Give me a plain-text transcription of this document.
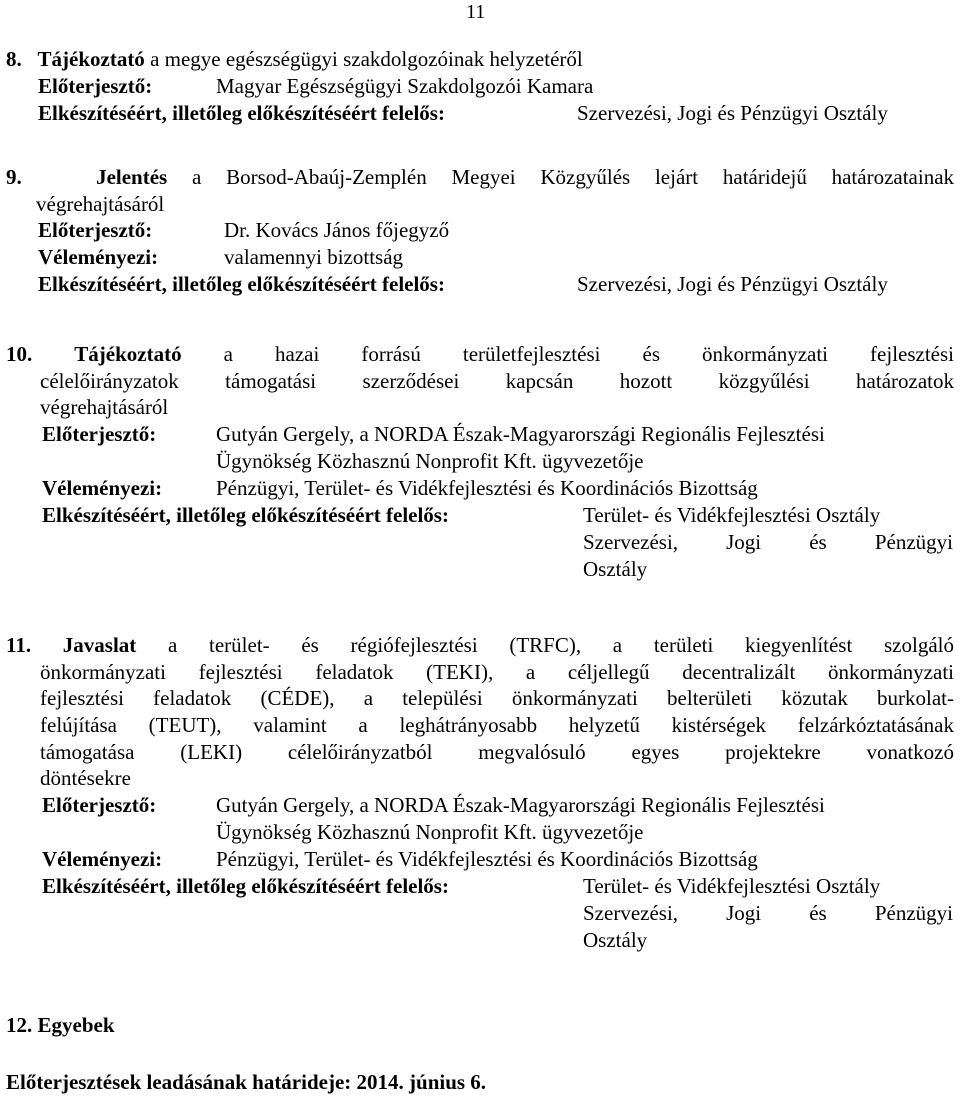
11
8. Tájékoztató a megye egészségügyi szakdolgozóinak helyzetéről
Előterjesztő:	Magyar Egészségügyi Szakdolgozói Kamara
Elkészítéséért, illetőleg előkészítéséért felelős:	Szervezési, Jogi és Pénzügyi Osztály
9.	Jelentés a Borsod-Abaúj-Zemplén Megyei Közgyűlés lejárt határidejű határozatainak
végrehajtásáról
Előterjesztő:	Dr. Kovács János főjegyző
Véleményezi:	valamennyi bizottság
Elkészítéséért, illetőleg előkészítéséért felelős:	Szervezési, Jogi és Pénzügyi Osztály
10. Tájékoztató a hazai forrású területfejlesztési és önkormányzati fejlesztési
célelőirányzatok támogatási szerződései kapcsán hozott közgyűlési határozatok
végrehajtásáról
Előterjesztő:	Gutyán Gergely, a NORDA Észak-Magyarországi Regionális Fejlesztési
Ügynökség Közhasznú Nonprofit Kft. ügyvezetője
Véleményezi:	Pénzügyi, Terület- és Vidékfejlesztési és Koordinációs Bizottság
Elkészítéséért, illetőleg előkészítéséért felelős:	Terület- és Vidékfejlesztési Osztály
Szervezési, Jogi és Pénzügyi
Osztály
11. Javaslat a terület- és régiófejlesztési (TRFC), a területi kiegyenlítést szolgáló
önkormányzati fejlesztési feladatok (TEKI), a céljellegű decentralizált önkormányzati
fejlesztési feladatok (CÉDE), a települési önkormányzati belterületi közutak burkolat-
felújítása (TEUT), valamint a leghátrányosabb helyzetű kistérségek felzárkóztatásának
támogatása (LEKI) célelőirányzatból megvalósuló egyes projektekre vonatkozó
döntésekre
Előterjesztő:	Gutyán Gergely, a NORDA Észak-Magyarországi Regionális Fejlesztési
Ügynökség Közhasznú Nonprofit Kft. ügyvezetője
Véleményezi:	Pénzügyi, Terület- és Vidékfejlesztési és Koordinációs Bizottság
Elkészítéséért, illetőleg előkészítéséért felelős:	Terület- és Vidékfejlesztési Osztály
Szervezési, Jogi és Pénzügyi
Osztály
12. Egyebek
Előterjesztések leadásának határideje: 2014. június 6.
